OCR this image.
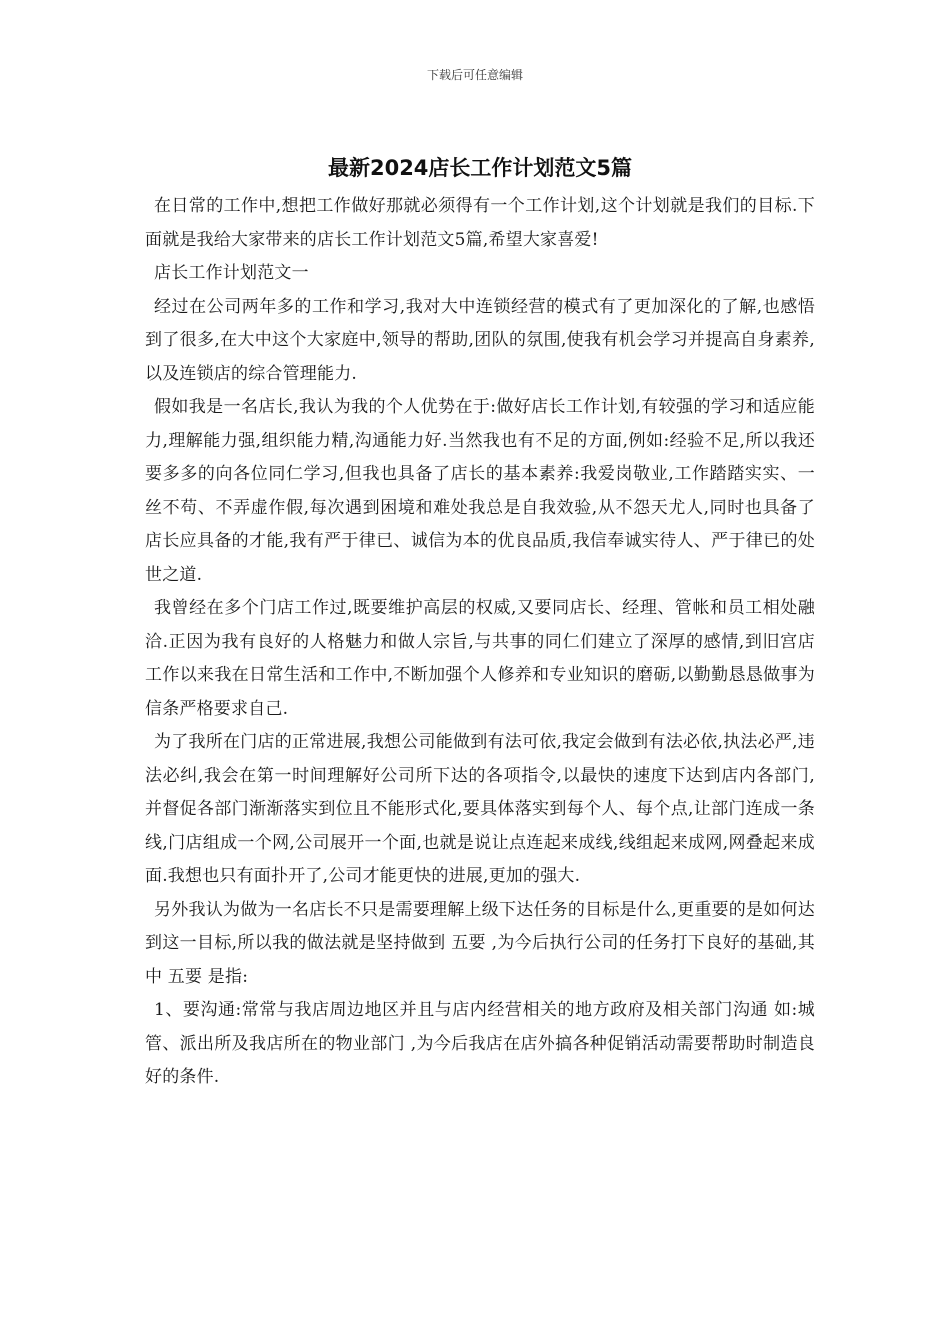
下载后可任意编辑
最新2024店长工作计划范文5篇

在日常的工作中,想把工作做好那就必须得有一个工作计划,这个计划就是我们的目标.下面就是我给大家带来的店长工作计划范文5篇,希望大家喜爱!

店长工作计划范文一

经过在公司两年多的工作和学习,我对大中连锁经营的模式有了更加深化的了解,也感悟到了很多,在大中这个大家庭中,领导的帮助,团队的氛围,使我有机会学习并提高自身素养,以及连锁店的综合管理能力.

假如我是一名店长,我认为我的个人优势在于:做好店长工作计划,有较强的学习和适应能力,理解能力强,组织能力精,沟通能力好.当然我也有不足的方面,例如:经验不足,所以我还要多多的向各位同仁学习,但我也具备了店长的基本素养:我爱岗敬业,工作踏踏实实、一丝不苟、不弄虚作假,每次遇到困境和难处我总是自我效验,从不怨天尤人,同时也具备了店长应具备的才能,我有严于律已、诚信为本的优良品质,我信奉诚实待人、严于律已的处世之道.

我曾经在多个门店工作过,既要维护高层的权威,又要同店长、经理、管帐和员工相处融洽.正因为我有良好的人格魅力和做人宗旨,与共事的同仁们建立了深厚的感情,到旧宫店工作以来我在日常生活和工作中,不断加强个人修养和专业知识的磨砺,以勤勤恳恳做事为信条严格要求自己.

为了我所在门店的正常进展,我想公司能做到有法可依,我定会做到有法必依,执法必严,违法必纠,我会在第一时间理解好公司所下达的各项指令,以最快的速度下达到店内各部门,并督促各部门渐渐落实到位且不能形式化,要具体落实到每个人、每个点,让部门连成一条线,门店组成一个网,公司展开一个面,也就是说让点连起来成线,线组起来成网,网叠起来成面.我想也只有面扑开了,公司才能更快的进展,更加的强大.

另外我认为做为一名店长不只是需要理解上级下达任务的目标是什么,更重要的是如何达到这一目标,所以我的做法就是坚持做到 五要 ,为今后执行公司的任务打下良好的基础,其中 五要 是指:

1、要沟通:常常与我店周边地区并且与店内经营相关的地方政府及相关部门沟通 如:城管、派出所及我店所在的物业部门 ,为今后我店在店外搞各种促销活动需要帮助时制造良好的条件.
